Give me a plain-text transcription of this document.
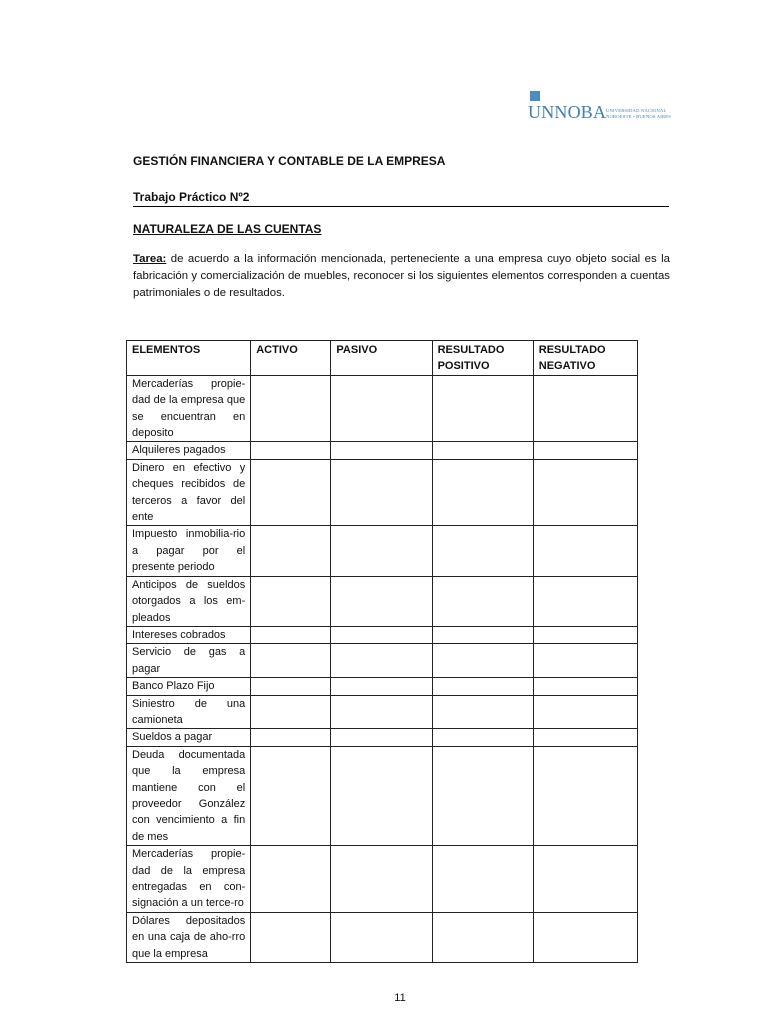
UNNOBA UNIVERSIDAD NACIONAL
NOROESTE • BUENOS AIRES
GESTIÓN FINANCIERA Y CONTABLE DE LA EMPRESA
Trabajo Práctico Nº2
NATURALEZA DE LAS CUENTAS
Tarea: de acuerdo a la información mencionada, perteneciente a una empresa cuyo objeto social es la fabricación y comercialización de muebles, reconocer si los siguientes elementos corresponden a cuentas patrimoniales o de resultados.
ELEMENTOS	ACTIVO	PASIVO	RESULTADO POSITIVO	RESULTADO NEGATIVO
Mercaderías propie-dad de la empresa que se encuentran en deposito				
Alquileres pagados				
Dinero en efectivo y cheques recibidos de terceros a favor del ente				
Impuesto inmobilia-rio a pagar por el presente periodo				
Anticipos de sueldos otorgados a los em-pleados				
Intereses cobrados				
Servicio de gas a pagar				
Banco Plazo Fijo				
Siniestro de una camioneta				
Sueldos a pagar				
Deuda documentada que la empresa mantiene con el proveedor González con vencimiento a fin de mes				
Mercaderías propie-dad de la empresa entregadas en con-signación a un terce-ro				
Dólares depositados en una caja de aho-rro que la empresa				
11
